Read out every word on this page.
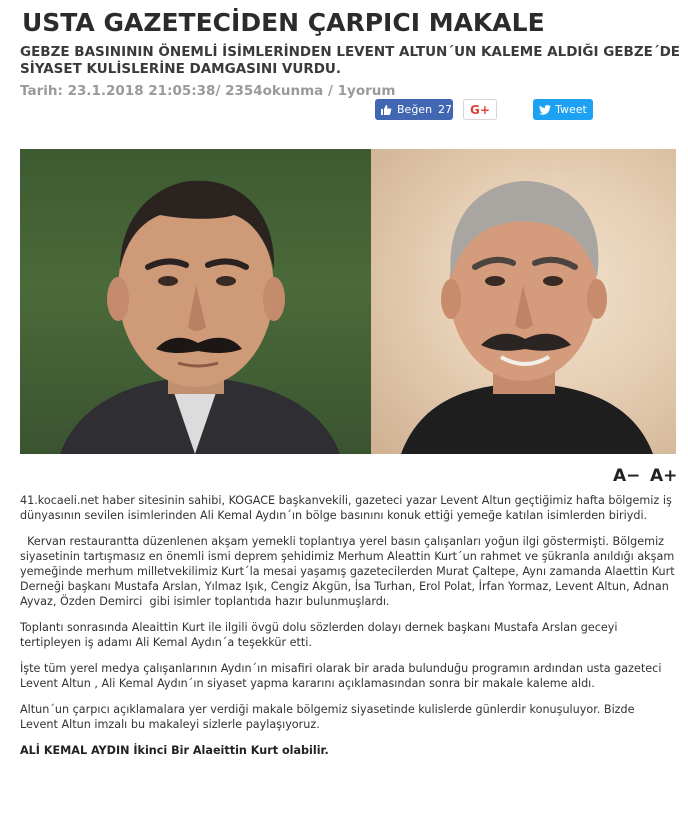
USTA GAZETECİDEN ÇARPICI MAKALE

GEBZE BASINININ ÖNEMLİ İSİMLERİNDEN LEVENT ALTUN´UN KALEME ALDIĞI GEBZE´DE SİYASET KULİSLERİNE DAMGASINI VURDU.

Tarih: 23.1.2018 21:05:38/ 2354okunma / 1yorum
Beğen 27 G+	Tweet
A− A+

41.kocaeli.net haber sitesinin sahibi, KOGACE başkanvekili, gazeteci yazar Levent Altun geçtiğimiz hafta bölgemiz iş dünyasının sevilen isimlerinden Ali Kemal Aydın´ın bölge basınını konuk ettiği yemeğe katılan isimlerden biriydi.

Kervan restaurantta düzenlenen akşam yemekli toplantıya yerel basın çalışanları yoğun ilgi göstermişti. Bölgemiz siyasetinin tartışmasız en önemli ismi deprem şehidimiz Merhum Aleattin Kurt´un rahmet ve şükranla anıldığı akşam yemeğinde merhum milletvekilimiz Kurt´la mesai yaşamış gazetecilerden Murat Çaltepe, Aynı zamanda Alaettin Kurt Derneği başkanı Mustafa Arslan, Yılmaz Işık, Cengiz Akgün, İsa Turhan, Erol Polat, İrfan Yormaz, Levent Altun, Adnan Ayvaz, Özden Demirci  gibi isimler toplantıda hazır bulunmuşlardı.

Toplantı sonrasında Aleaittin Kurt ile ilgili övgü dolu sözlerden dolayı dernek başkanı Mustafa Arslan geceyi tertipleyen iş adamı Ali Kemal Aydın´a teşekkür etti.

İşte tüm yerel medya çalışanlarının Aydın´ın misafiri olarak bir arada bulunduğu programın ardından usta gazeteci Levent Altun , Ali Kemal Aydın´ın siyaset yapma kararını açıklamasından sonra bir makale kaleme aldı.

Altun´un çarpıcı açıklamalara yer verdiği makale bölgemiz siyasetinde kulislerde günlerdir konuşuluyor. Bizde Levent Altun imzalı bu makaleyi sizlerle paylaşıyoruz.

ALİ KEMAL AYDIN İkinci Bir Alaeittin Kurt olabilir.
